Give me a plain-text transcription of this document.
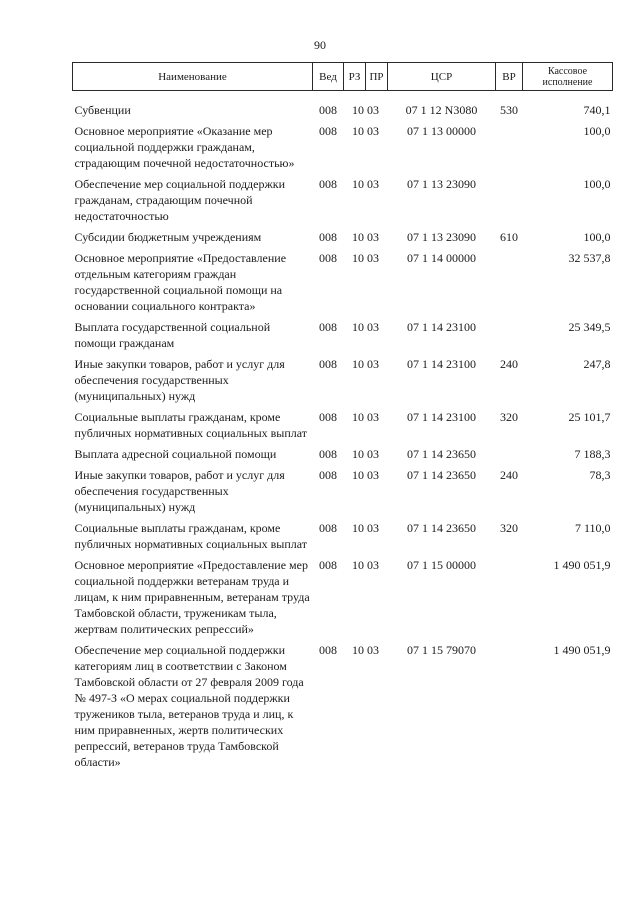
90
Наименование	Вед	РЗ	ПР	ЦСР	ВР	Кассовое исполнение
Субвенции	008	10 03		07 1 12 N3080	530	740,1
Основное мероприятие «Оказание мер социальной поддержки гражданам, страдающим почечной недостаточностью»	008	10 03		07 1 13 00000		100,0
Обеспечение мер социальной поддержки гражданам, страдающим почечной недостаточностью	008	10 03		07 1 13 23090		100,0
Субсидии бюджетным учреждениям	008	10 03		07 1 13 23090	610	100,0
Основное мероприятие «Предоставление отдельным категориям граждан государственной социальной помощи на основании социального контракта»	008	10 03		07 1 14 00000		32 537,8
Выплата государственной социальной помощи гражданам	008	10 03		07 1 14 23100		25 349,5
Иные закупки товаров, работ и услуг для обеспечения государственных (муниципальных) нужд	008	10 03		07 1 14 23100	240	247,8
Социальные выплаты гражданам, кроме публичных нормативных социальных выплат	008	10 03		07 1 14 23100	320	25 101,7
Выплата адресной социальной помощи	008	10 03		07 1 14 23650		7 188,3
Иные закупки товаров, работ и услуг для обеспечения государственных (муниципальных) нужд	008	10 03		07 1 14 23650	240	78,3
Социальные выплаты гражданам, кроме публичных нормативных социальных выплат	008	10 03		07 1 14 23650	320	7 110,0
Основное мероприятие «Предоставление мер социальной поддержки ветеранам труда и лицам, к ним приравненным, ветеранам труда Тамбовской области, труженикам тыла, жертвам политических репрессий»	008	10 03		07 1 15 00000		1 490 051,9
Обеспечение мер социальной поддержки категориям лиц в соответствии с Законом Тамбовской области от 27 февраля 2009 года № 497-З «О мерах социальной поддержки тружеников тыла, ветеранов труда и лиц, к ним приравненных, жертв политических репрессий, ветеранов труда Тамбовской области»	008	10 03		07 1 15 79070		1 490 051,9
